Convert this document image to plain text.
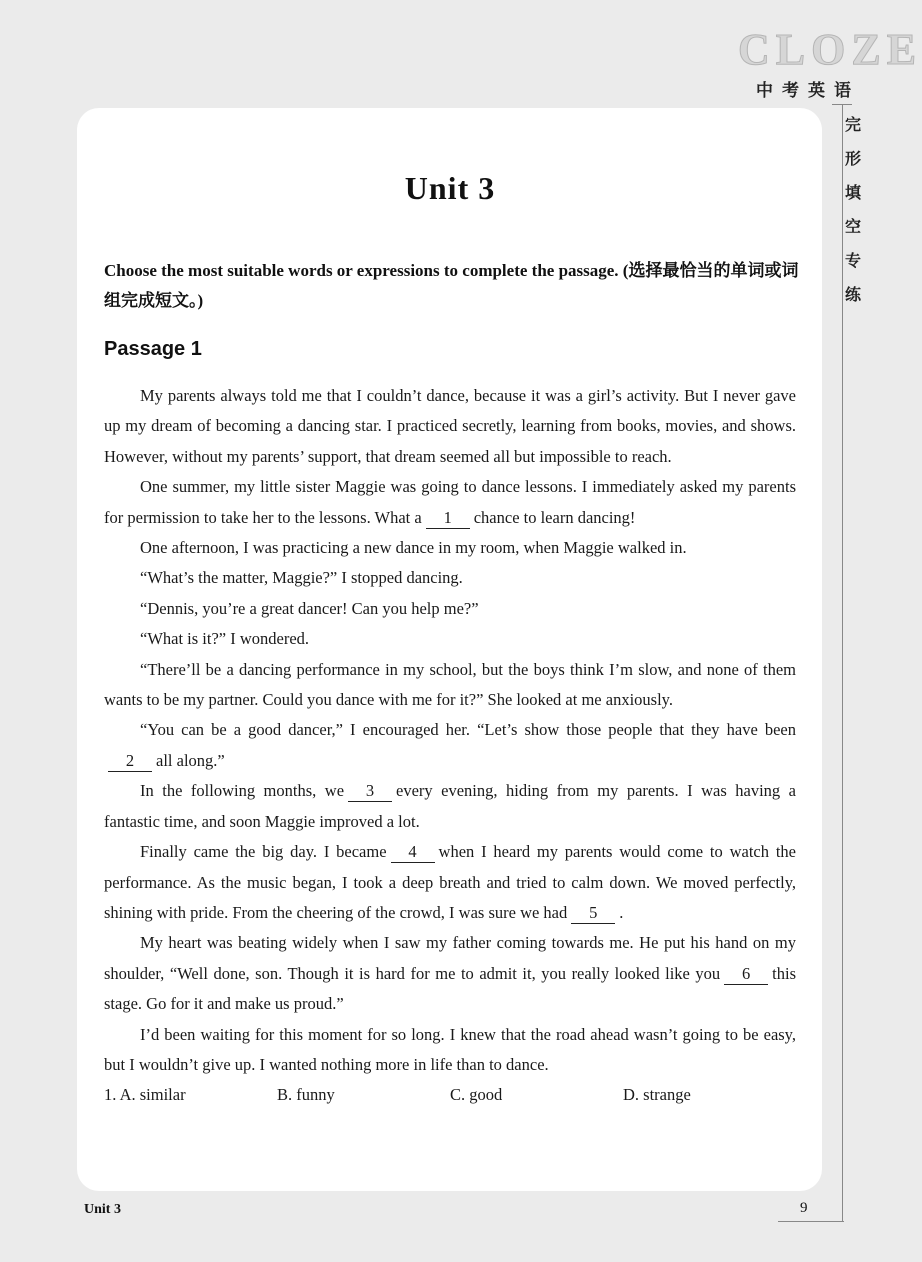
CLOZE
中考英语
完
形
填
空
专
练
Unit 3
Choose the most suitable words or expressions to complete the passage. (选择最恰当的单词或词组完成短文。)
Passage 1

My parents always told me that I couldn’t dance, because it was a girl’s activity. But I never gave up my dream of becoming a dancing star. I practiced secretly, learning from books, movies, and shows. However, without my parents’ support, that dream seemed all but impossible to reach.

One summer, my little sister Maggie was going to dance lessons. I immediately asked my parents for permission to take her to the lessons. What a 1 chance to learn dancing!

One afternoon, I was practicing a new dance in my room, when Maggie walked in.

“What’s the matter, Maggie?” I stopped dancing.

“Dennis, you’re a great dancer! Can you help me?”

“What is it?” I wondered.

“There’ll be a dancing performance in my school, but the boys think I’m slow, and none of them wants to be my partner. Could you dance with me for it?” She looked at me anxiously.

“You can be a good dancer,” I encouraged her. “Let’s show those people that they have been2 all along.”

In the following months, we 3 every evening, hiding from my parents. I was having a fantastic time, and soon Maggie improved a lot.

Finally came the big day. I became 4 when I heard my parents would come to watch the performance. As the music began, I took a deep breath and tried to calm down. We moved perfectly, shining with pride. From the cheering of the crowd, I was sure we had 5 .

My heart was beating widely when I saw my father coming towards me. He put his hand on my shoulder, “Well done, son. Though it is hard for me to admit it, you really looked like you 6 this stage. Go for it and make us proud.”

I’d been waiting for this moment for so long. I knew that the road ahead wasn’t going to be easy, but I wouldn’t give up. I wanted nothing more in life than to dance.

1. A. similar	B. funny	C. good	D. strange
Unit 3	9
